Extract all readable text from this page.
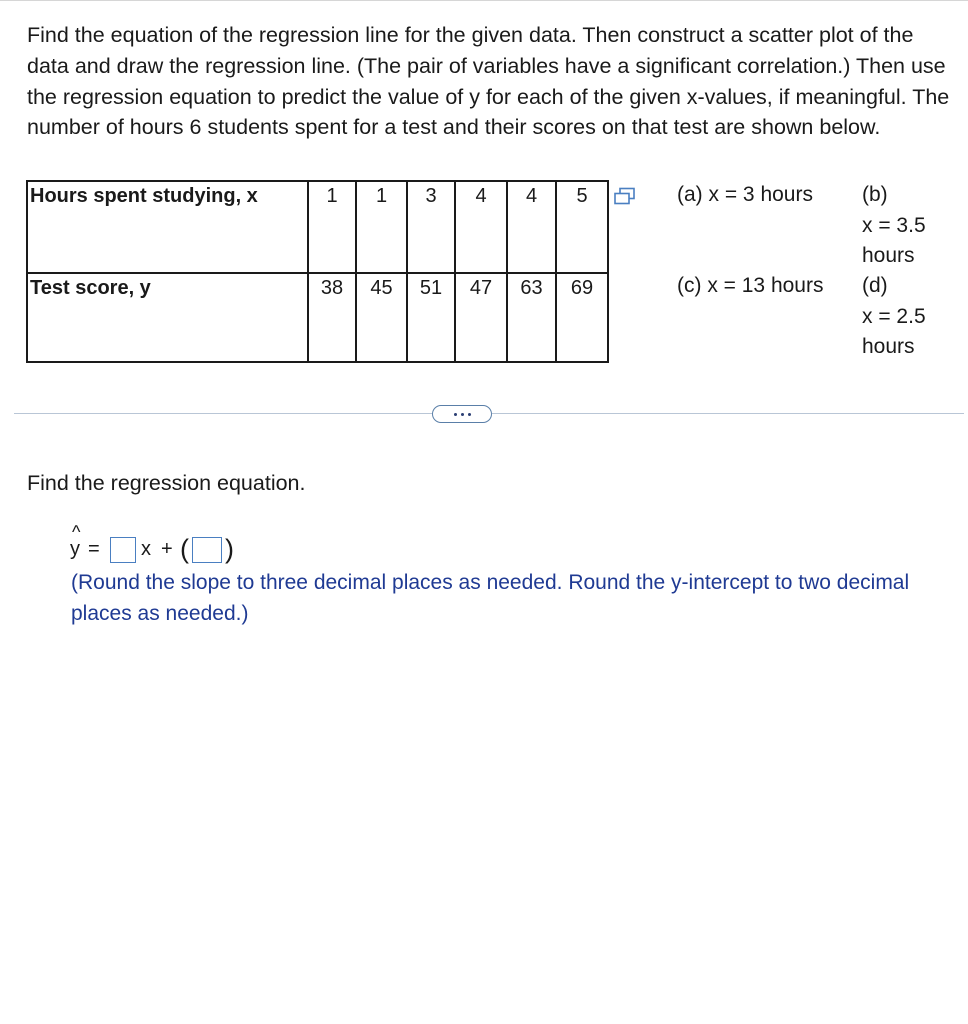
Find the equation of the regression line for the given data. Then construct a scatter plot of the data and draw the regression line. (The pair of variables have a significant correlation.) Then use the regression equation to predict the value of y for each of the given x-values, if meaningful. The number of hours 6 students spent for a test and their scores on that test are shown below.

Hours spent studying, x	1	1	3	4	4	5
Test score, y	38	45	51	47	63	69
(a) x = 3 hours (b)
x = 3.5
hours
(c) x = 13 hours (d)
x = 2.5
hours
Find the regression equation.
^
y = x + ( )
(Round the slope to three decimal places as needed. Round the y-intercept to two decimal places as needed.)
